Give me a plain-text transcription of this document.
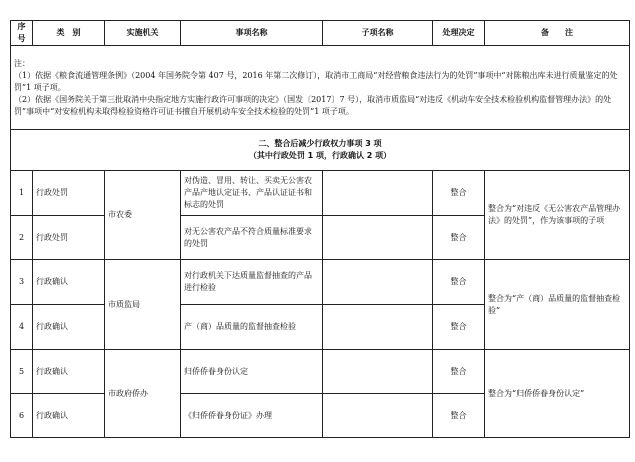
序号	类　别	实施机关	事项名称	子项名称	处理决定	备　　注

注：
（1）依据《粮食流通管理条例》（2004 年国务院令第 407 号，2016 年第二次修订），取消市工商局“对经营粮食违法行为的处罚”事项中“对陈粮出库未进行质量鉴定的处罚”1 项子项。
（2）依据《国务院关于第三批取消中央指定地方实施行政许可事项的决定》（国发〔2017〕7 号），取消市质监局“对违反《机动车安全技术检验机构监督管理办法》的处罚”事项中“对安检机构未取得检验资格许可证书擅自开展机动车安全技术检验的处罚”1 项子项。						

二、整合后减少行政权力事项 3 项
（其中行政处罚 1 项，行政确认 2 项）						

1	行政处罚	市农委	对伪造、冒用、转让、买卖无公害农产品产地认定证书、产品认证证书和标志的处罚		整合	整合为“对违反《无公害农产品管理办法》的处罚”，作为该事项的子项
2	行政处罚		对无公害农产品不符合质量标准要求的处罚		整合	
3	行政确认	市质监局	对行政机关下达质量监督抽查的产品进行检验		整合	整合为“产（商）品质量的监督抽查检验”
4	行政确认		产（商）品质量的监督抽查检验		整合	
5	行政确认	市政府侨办	归侨侨眷身份认定		整合	整合为“归侨侨眷身份认定”
6	行政确认		《归侨侨眷身份证》办理		整合	
